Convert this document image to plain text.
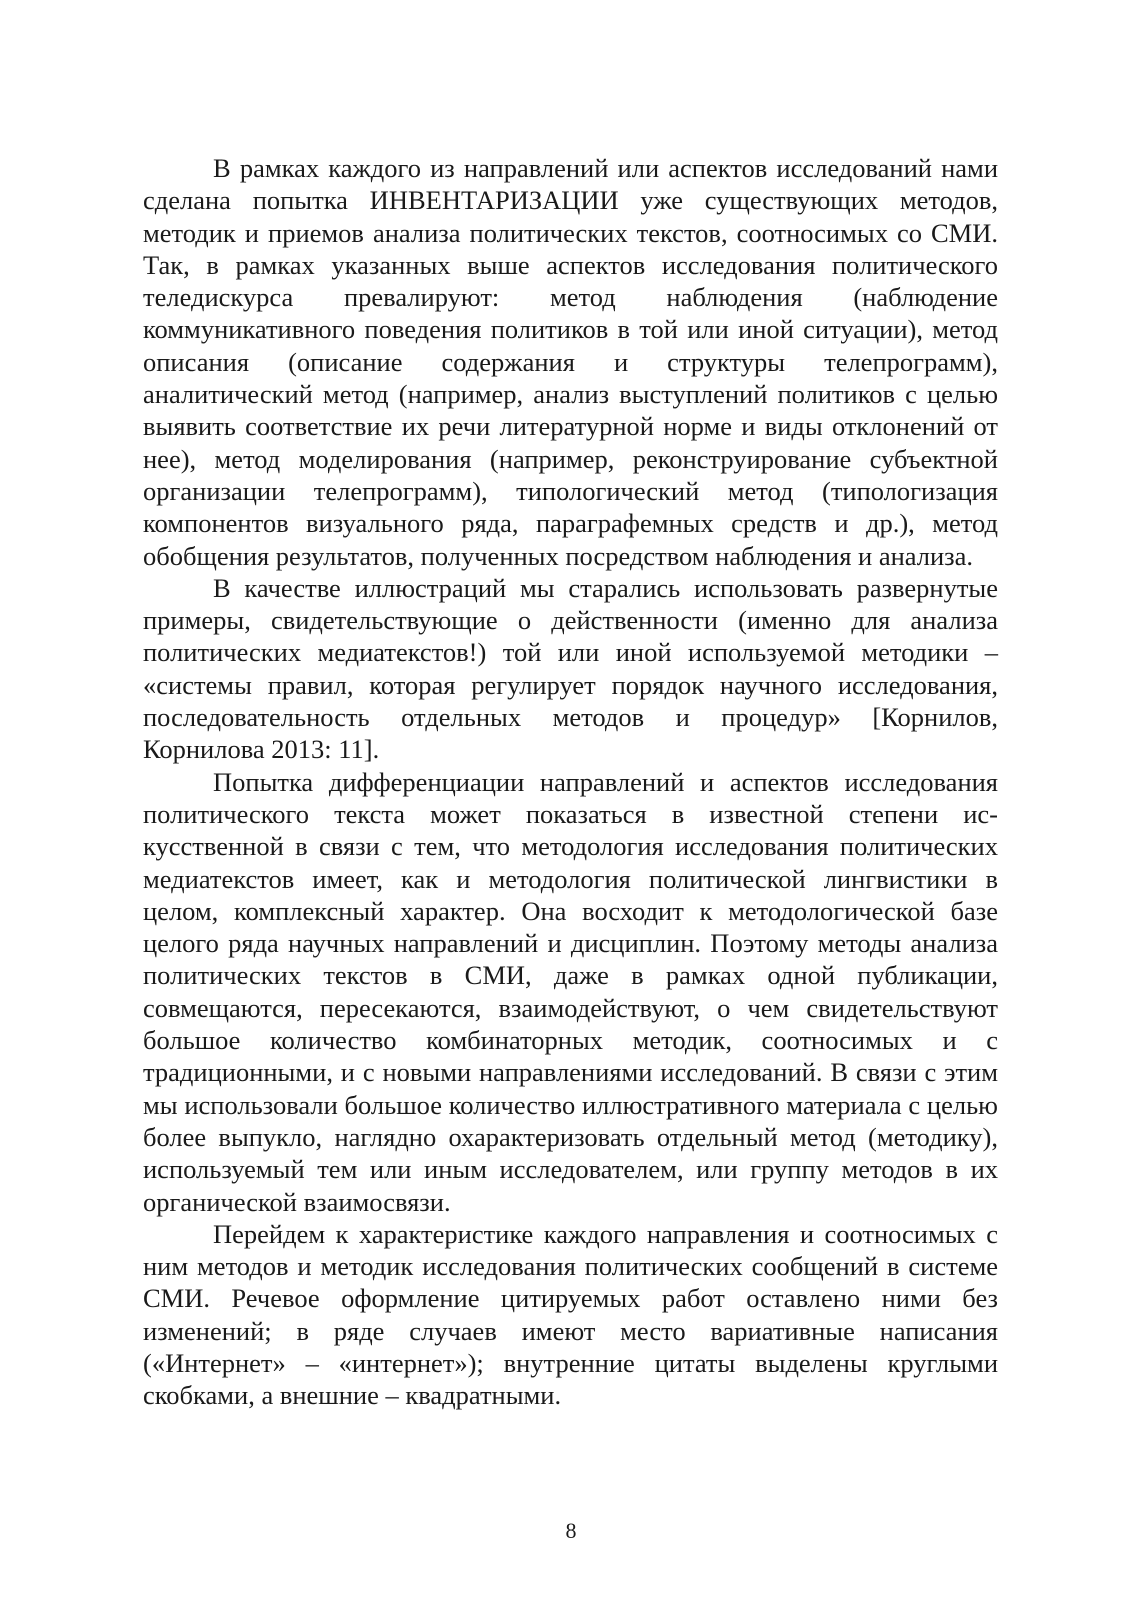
В рамках каждого из направлений или аспектов исследований нами сделана попытка ИНВЕНТАРИЗАЦИИ уже существующих методов, методик и приемов анализа политических текстов, соотносимых со СМИ. Так, в рамках указанных выше аспектов исследования политического теледискурса превалируют: метод наблюдения (наблюдение коммуникативного поведения политиков в той или иной ситуации), метод описания (описание содержания и структуры телепрограмм), аналитический метод (например, анализ выступлений политиков с целью выявить соответствие их речи литературной норме и виды отклонений от нее), метод моделирования (например, реконструирование субъектной организации телепрограмм), типологический метод (типологизация компонентов визуального ряда, параграфемных средств и др.), метод обобщения результатов, полученных посредством наблюдения и анализа.

В качестве иллюстраций мы старались использовать развернутые примеры, свидетельствующие о действенности (именно для анализа политических медиатекстов!) той или иной используемой методики – «системы правил, которая регулирует порядок научного исследования, последовательность отдельных методов и процедур» [Корнилов, Корнилова 2013: 11].

Попытка дифференциации направлений и аспектов исследования политического текста может показаться в известной степени искусственной в связи с тем, что методология исследования политических медиатекстов имеет, как и методология политической лингвистики в целом, комплексный характер. Она восходит к методологической базе целого ряда научных направлений и дисциплин. Поэтому методы анализа политических текстов в СМИ, даже в рамках одной публикации, совмещаются, пересекаются, взаимодействуют, о чем свидетельствуют большое количество комбинаторных методик, соотносимых и с традиционными, и с новыми направлениями исследований. В связи с этим мы использовали большое количество иллюстративного материала с целью более выпукло, наглядно охарактеризовать отдельный метод (методику), используемый тем или иным исследователем, или группу методов в их органической взаимосвязи.

Перейдем к характеристике каждого направления и соотносимых с ним методов и методик исследования политических сообщений в системе СМИ. Речевое оформление цитируемых работ оставлено ними без изменений; в ряде случаев имеют место вариативные написания («Интернет» – «интернет»); внутренние цитаты выделены круглыми скобками, а внешние – квадратными.

8
